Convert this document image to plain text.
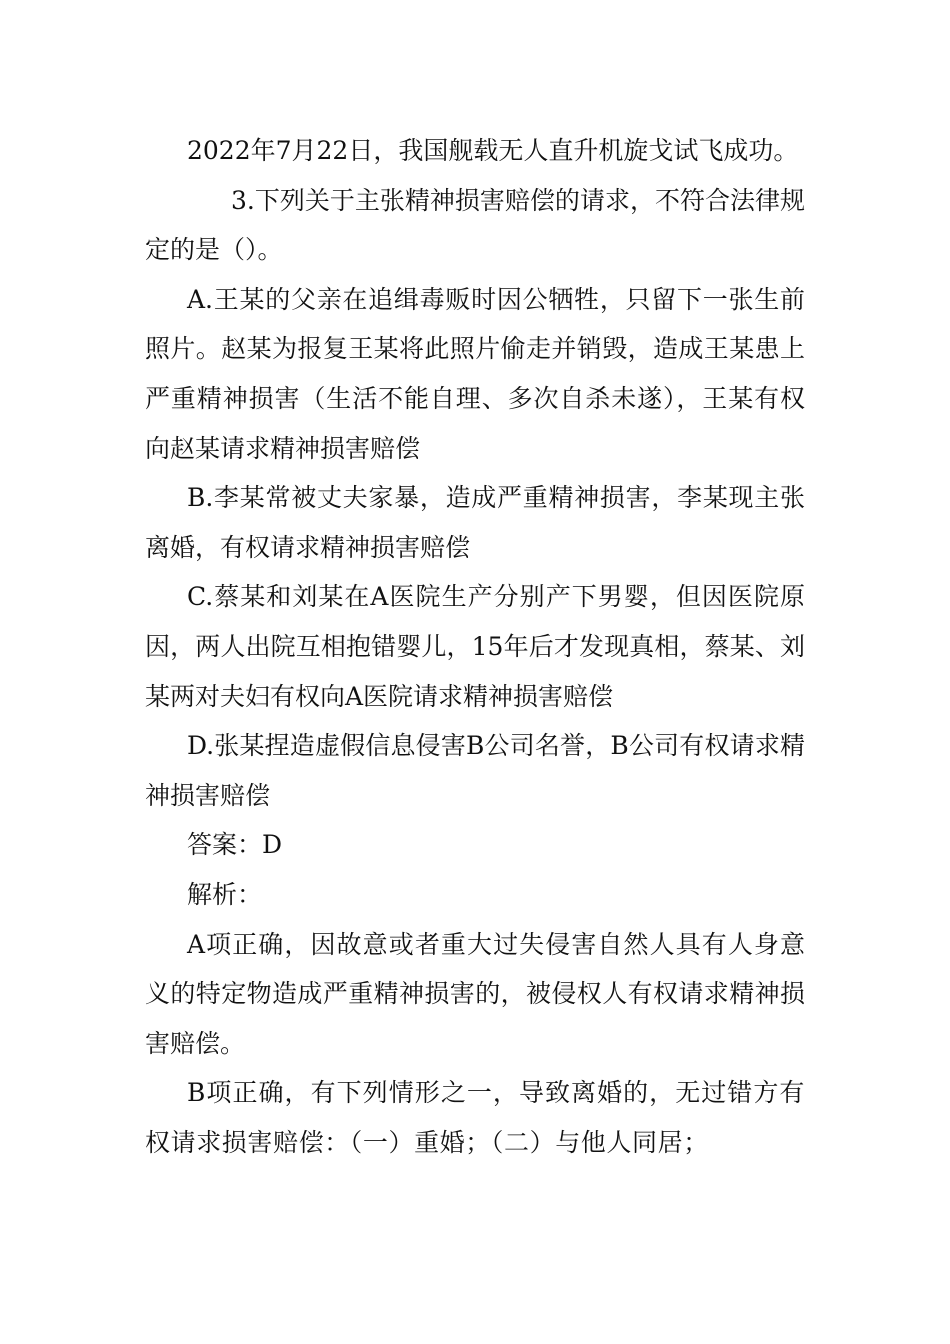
2022年7月22日，我国舰载无人直升机旋戈试飞成功。

3.下列关于主张精神损害赔偿的请求，不符合法律规定的是（）。

A.王某的父亲在追缉毒贩时因公牺牲，只留下一张生前照片。赵某为报复王某将此照片偷走并销毁，造成王某患上严重精神损害（生活不能自理、多次自杀未遂），王某有权向赵某请求精神损害赔偿

B.李某常被丈夫家暴，造成严重精神损害，李某现主张离婚，有权请求精神损害赔偿

C.蔡某和刘某在A医院生产分别产下男婴，但因医院原因，两人出院互相抱错婴儿，15年后才发现真相，蔡某、刘某两对夫妇有权向A医院请求精神损害赔偿

D.张某捏造虚假信息侵害B公司名誉，B公司有权请求精神损害赔偿

答案：D

解析：

A项正确，因故意或者重大过失侵害自然人具有人身意义的特定物造成严重精神损害的，被侵权人有权请求精神损害赔偿。

B项正确，有下列情形之一，导致离婚的，无过错方有权请求损害赔偿：（一）重婚；（二）与他人同居；
